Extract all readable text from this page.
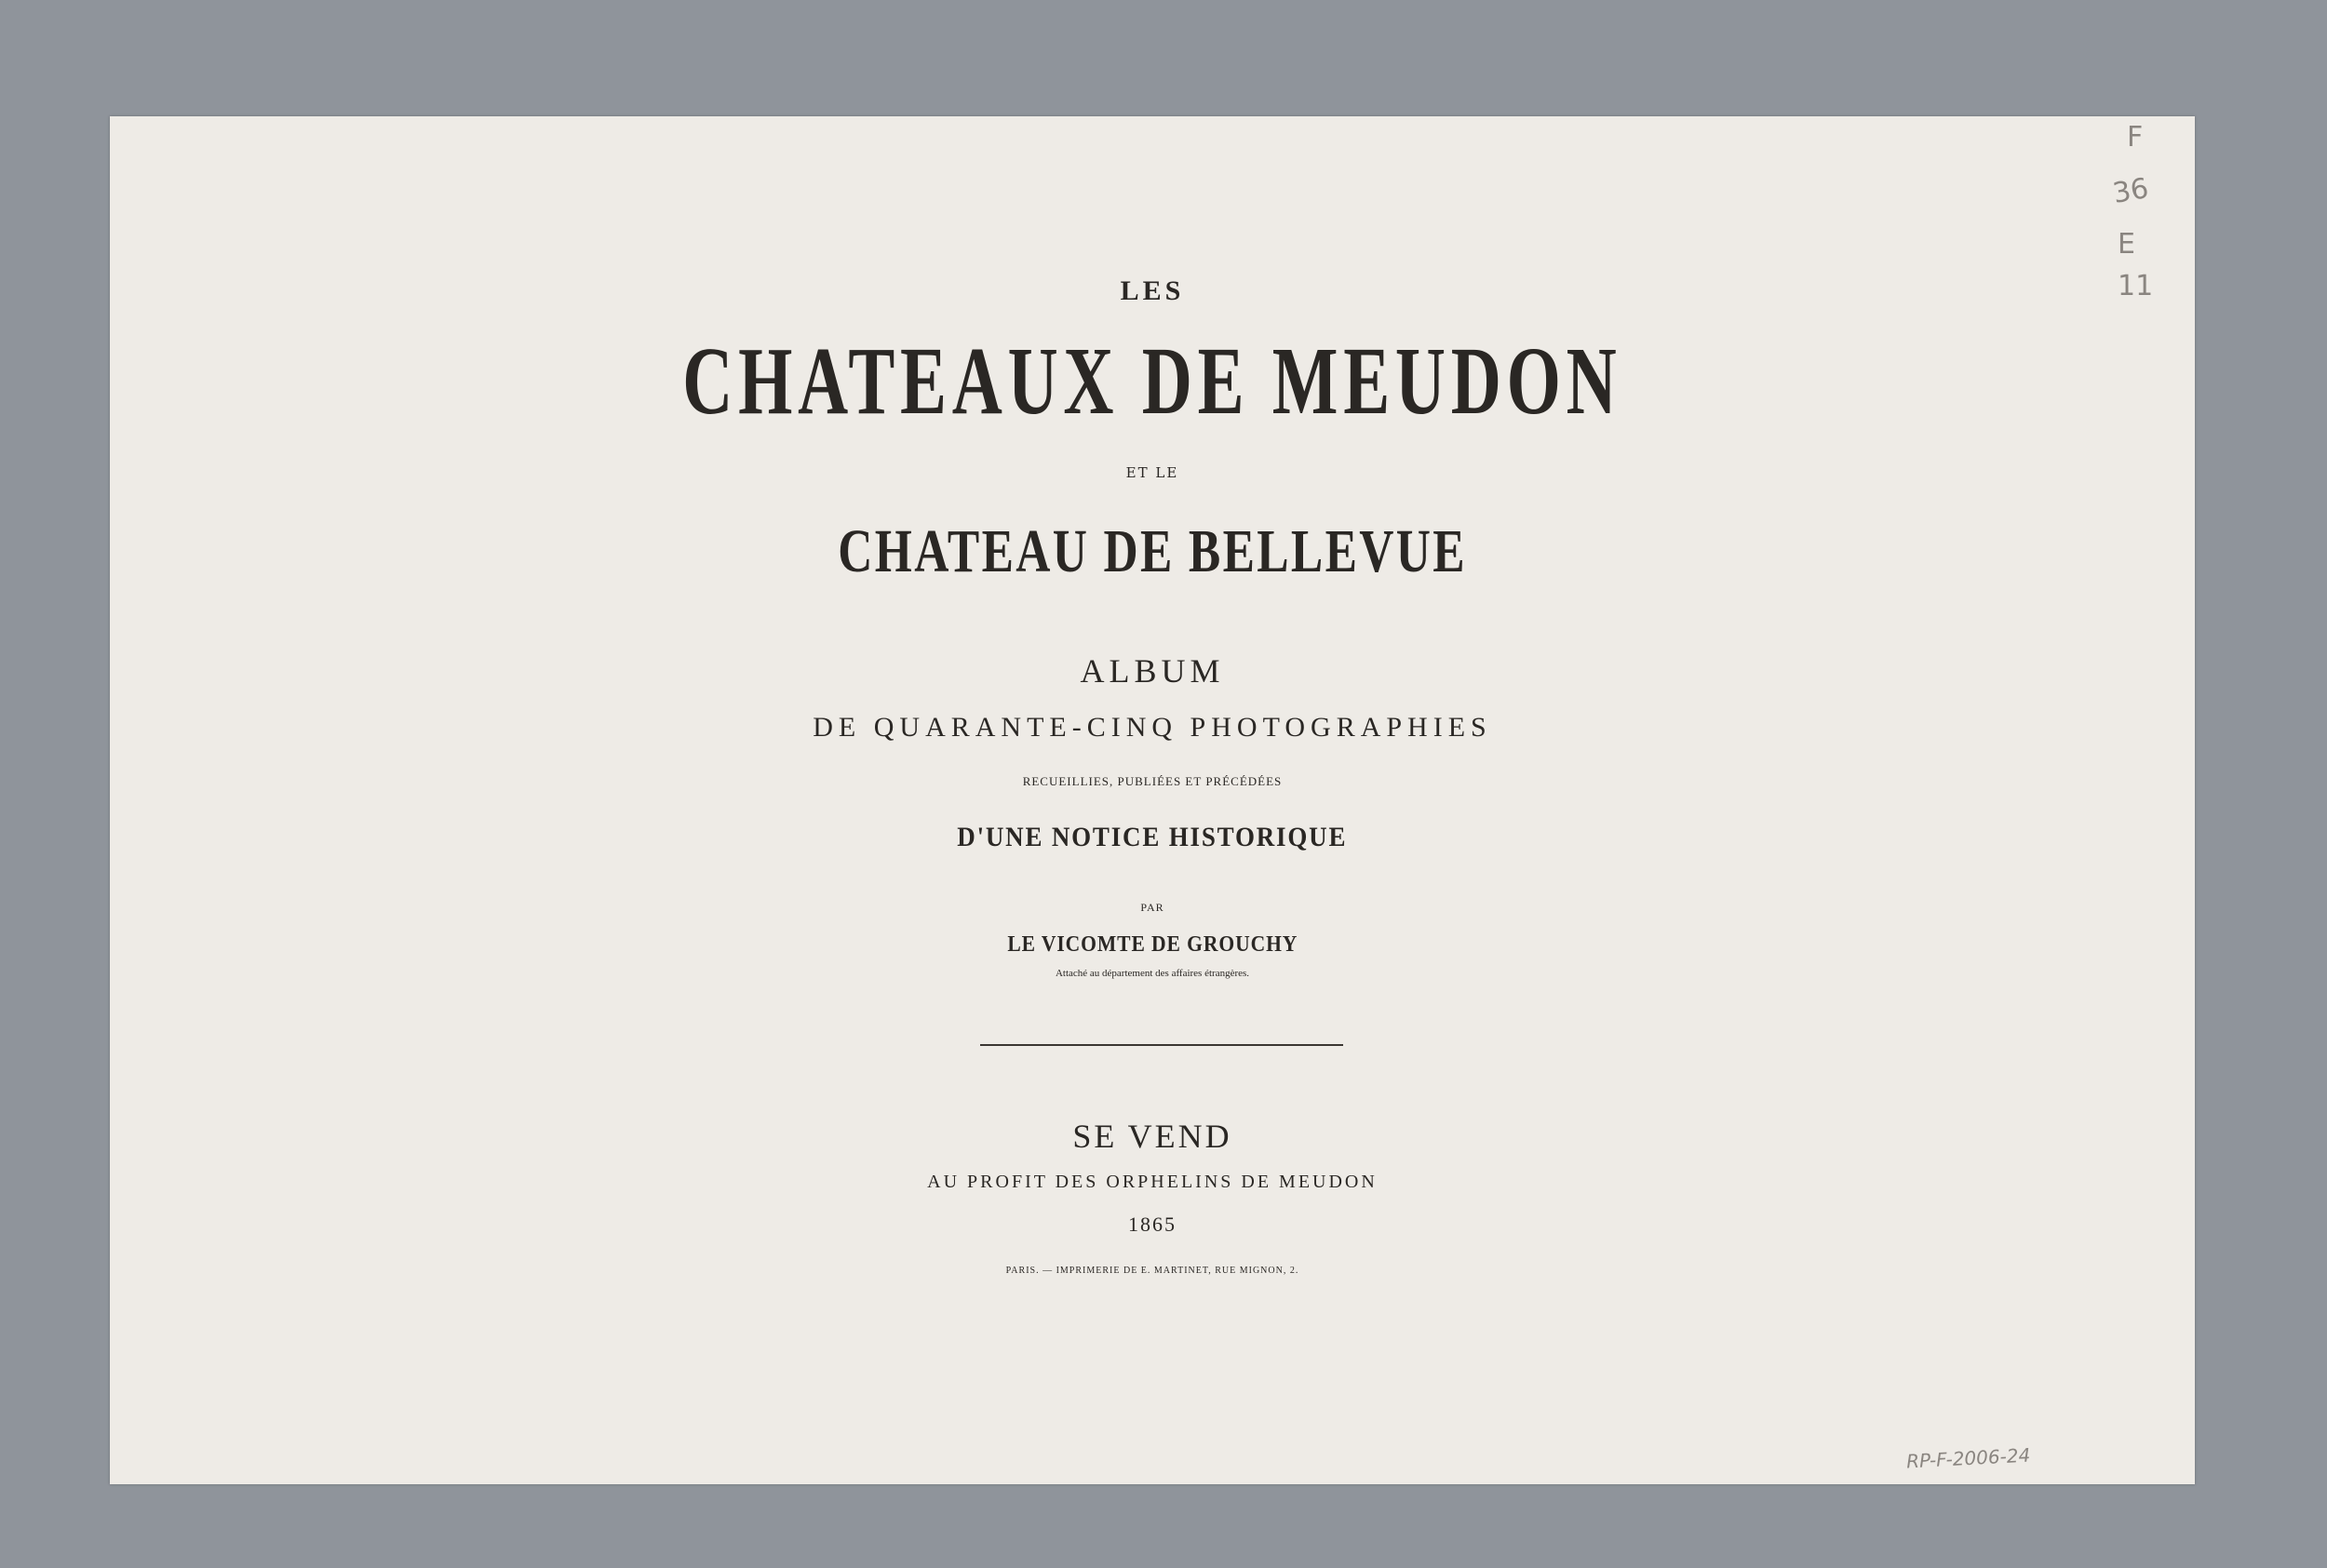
LES
CHATEAUX DE MEUDON
ET LE
CHATEAU DE BELLEVUE
ALBUM
DE QUARANTE-CINQ PHOTOGRAPHIES
RECUEILLIES, PUBLIÉES ET PRÉCÉDÉES
D'UNE NOTICE HISTORIQUE
PAR
LE VICOMTE DE GROUCHY
Attaché au département des affaires étrangères.
SE VEND
AU PROFIT DES ORPHELINS DE MEUDON
1865
PARIS. — IMPRIMERIE DE E. MARTINET, RUE MIGNON, 2.
F
36
E
11
RP-F-2006-24
